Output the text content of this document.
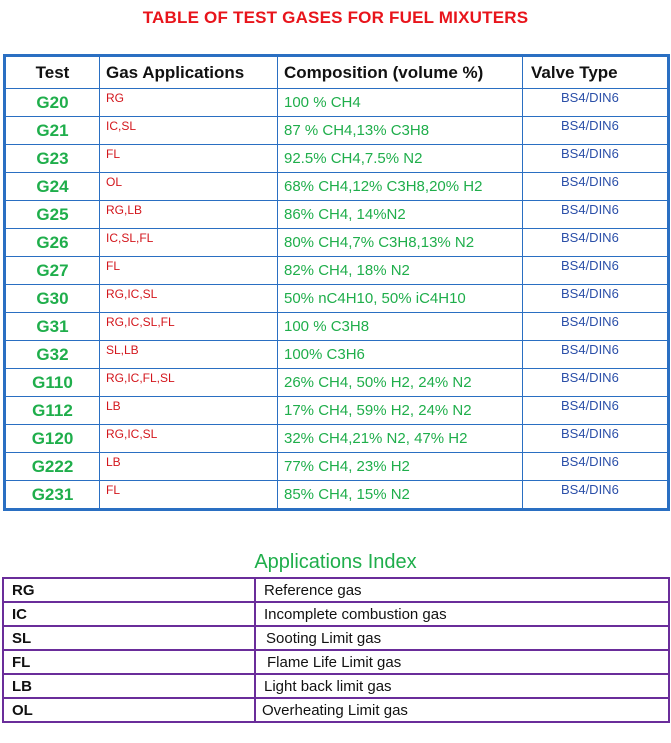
TABLE OF TEST GASES FOR FUEL MIXUTERS
Test	Gas Applications	Composition (volume %)	Valve Type
G20	RG	100 % CH4	BS4/DIN6
G21	IC,SL	87 % CH4,13% C3H8	BS4/DIN6
G23	FL	92.5% CH4,7.5% N2	BS4/DIN6
G24	OL	68% CH4,12% C3H8,20% H2	BS4/DIN6
G25	RG,LB	86% CH4, 14%N2	BS4/DIN6
G26	IC,SL,FL	80% CH4,7% C3H8,13% N2	BS4/DIN6
G27	FL	82% CH4, 18% N2	BS4/DIN6
G30	RG,IC,SL	50% nC4H10, 50% iC4H10	BS4/DIN6
G31	RG,IC,SL,FL	100 % C3H8	BS4/DIN6
G32	SL,LB	100% C3H6	BS4/DIN6
G110	RG,IC,FL,SL	26% CH4, 50% H2, 24% N2	BS4/DIN6
G112	LB	17% CH4, 59% H2, 24% N2	BS4/DIN6
G120	RG,IC,SL	32% CH4,21% N2, 47% H2	BS4/DIN6
G222	LB	77% CH4, 23% H2	BS4/DIN6
G231	FL	85% CH4, 15% N2	BS4/DIN6
Applications Index
RG	Reference gas
IC	Incomplete combustion gas
SL	Sooting Limit gas
FL	Flame Life Limit gas
LB	Light back limit gas
OL	Overheating Limit gas
